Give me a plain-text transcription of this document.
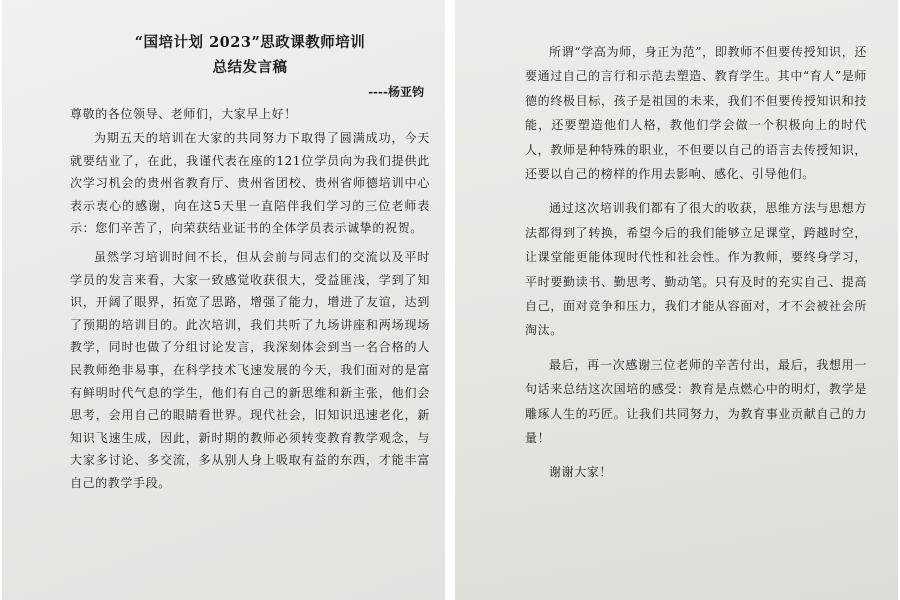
“国培计划 2023”思政课教师培训

总结发言稿

----杨亚钧

尊敬的各位领导、老师们，大家早上好！

为期五天的培训在大家的共同努力下取得了圆满成功，今天就要结业了，在此，我谨代表在座的121位学员向为我们提供此次学习机会的贵州省教育厅、贵州省团校、贵州省师德培训中心表示衷心的感谢，向在这5天里一直陪伴我们学习的三位老师表示：您们辛苦了，向荣获结业证书的全体学员表示诚挚的祝贺。

虽然学习培训时间不长，但从会前与同志们的交流以及平时学员的发言来看，大家一致感觉收获很大，受益匪浅，学到了知识，开阔了眼界，拓宽了思路，增强了能力，增进了友谊，达到了预期的培训目的。此次培训，我们共听了九场讲座和两场现场教学，同时也做了分组讨论发言，我深刻体会到当一名合格的人民教师绝非易事，在科学技术飞速发展的今天，我们面对的是富有鲜明时代气息的学生，他们有自己的新思维和新主张，他们会思考，会用自己的眼睛看世界。现代社会，旧知识迅速老化，新知识飞速生成，因此，新时期的教师必须转变教育教学观念，与大家多讨论、多交流，多从别人身上吸取有益的东西，才能丰富自己的教学手段。

所谓“学高为师，身正为范”，即教师不但要传授知识，还要通过自己的言行和示范去塑造、教育学生。其中“育人”是师德的终极目标，孩子是祖国的未来，我们不但要传授知识和技能，还要塑造他们人格，教他们学会做一个积极向上的时代人，教师是种特殊的职业，不但要以自己的语言去传授知识，还要以自己的榜样的作用去影响、感化、引导他们。

通过这次培训我们都有了很大的收获，思维方法与思想方法都得到了转换，希望今后的我们能够立足课堂，跨越时空，让课堂能更能体现时代性和社会性。作为教师，要终身学习，平时要勤读书、勤思考、勤动笔。只有及时的充实自己、提高自己，面对竞争和压力，我们才能从容面对，才不会被社会所淘汰。

最后，再一次感谢三位老师的辛苦付出，最后，我想用一句话来总结这次国培的感受：教育是点燃心中的明灯，教学是雕琢人生的巧匠。让我们共同努力，为教育事业贡献自己的力量！

谢谢大家！
